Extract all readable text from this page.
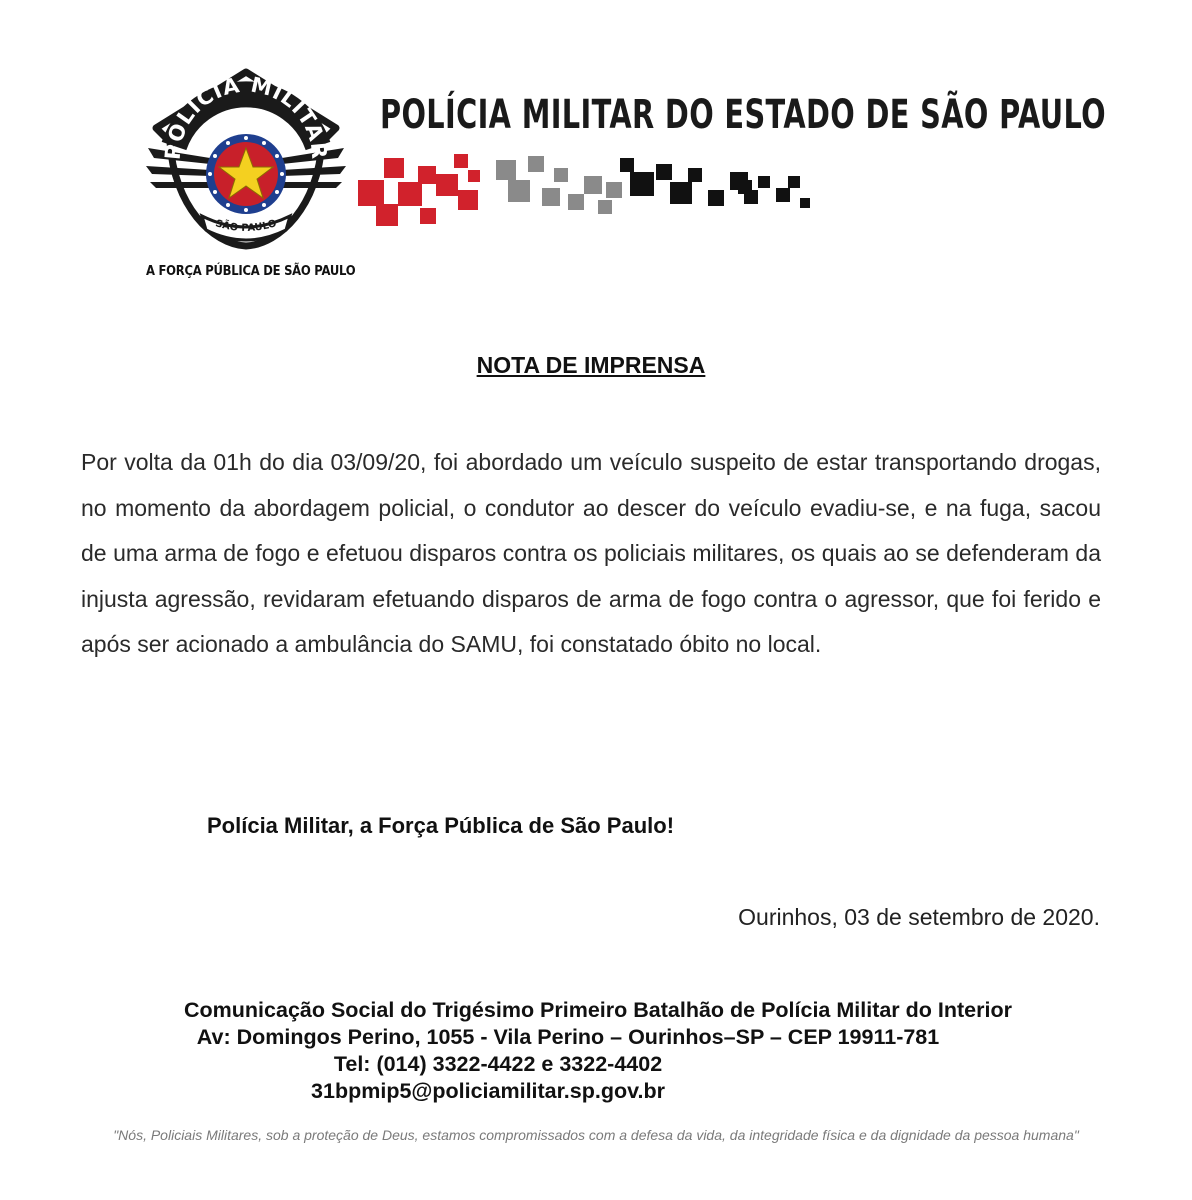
POLÍCIA MILITAR
SÃO PAULO
A FORÇA PÚBLICA DE SÃO PAULO
POLÍCIA MILITAR DO ESTADO DE SÃO PAULO
NOTA DE IMPRENSA
Por volta da 01h do dia 03/09/20, foi abordado um veículo suspeito de estar transportando drogas, no momento da abordagem policial, o condutor ao descer do veículo evadiu-se, e na fuga, sacou de uma arma de fogo e efetuou disparos contra os policiais militares, os quais ao se defenderam da injusta agressão, revidaram efetuando disparos de arma de fogo contra o agressor, que foi ferido e após ser acionado a ambulância do SAMU, foi constatado óbito no local.
Polícia Militar, a Força Pública de São Paulo!
Ourinhos, 03 de setembro de 2020.
Comunicação Social do Trigésimo Primeiro Batalhão de Polícia Militar do Interior
Av: Domingos Perino, 1055 - Vila Perino – Ourinhos–SP – CEP 19911-781
Tel: (014) 3322-4422 e 3322-4402
31bpmip5@policiamilitar.sp.gov.br
"Nós, Policiais Militares, sob a proteção de Deus, estamos compromissados com a defesa da vida, da integridade física e da dignidade da pessoa humana"
